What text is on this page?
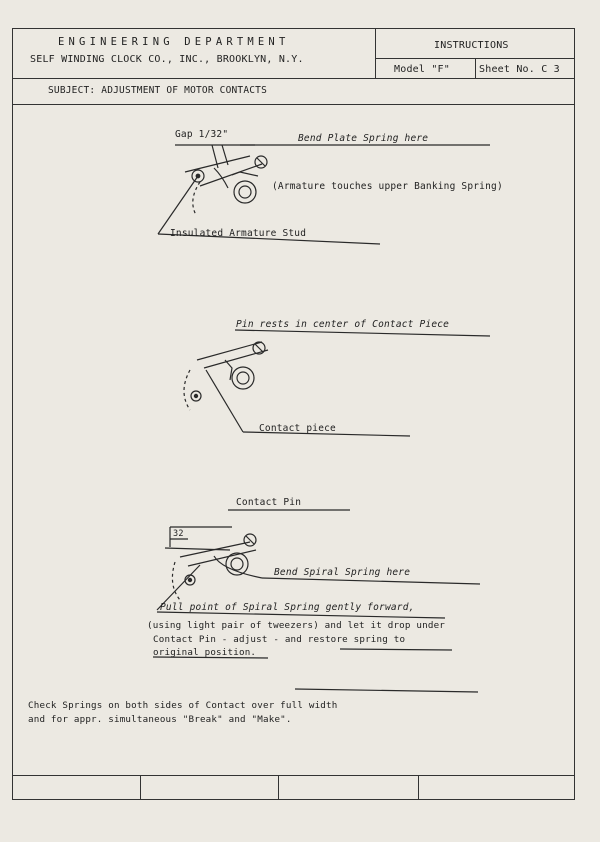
ENGINEERING DEPARTMENT
SELF WINDING CLOCK CO., INC., BROOKLYN, N.Y.
INSTRUCTIONS
Model "F"	Sheet No. C 3
SUBJECT: ADJUSTMENT OF MOTOR CONTACTS
Gap 1/32"	Bend Plate Spring here
(Armature touches upper Banking Spring)
Insulated Armature Stud
Pin rests in center of Contact Piece
Contact piece
Contact Pin
32
Bend Spiral Spring here
Pull point of Spiral Spring gently forward,
(using light pair of tweezers) and let it drop under
Contact Pin - adjust - and restore spring to
original position.
Check Springs on both sides of Contact over full width
and for appr. simultaneous "Break" and "Make".
